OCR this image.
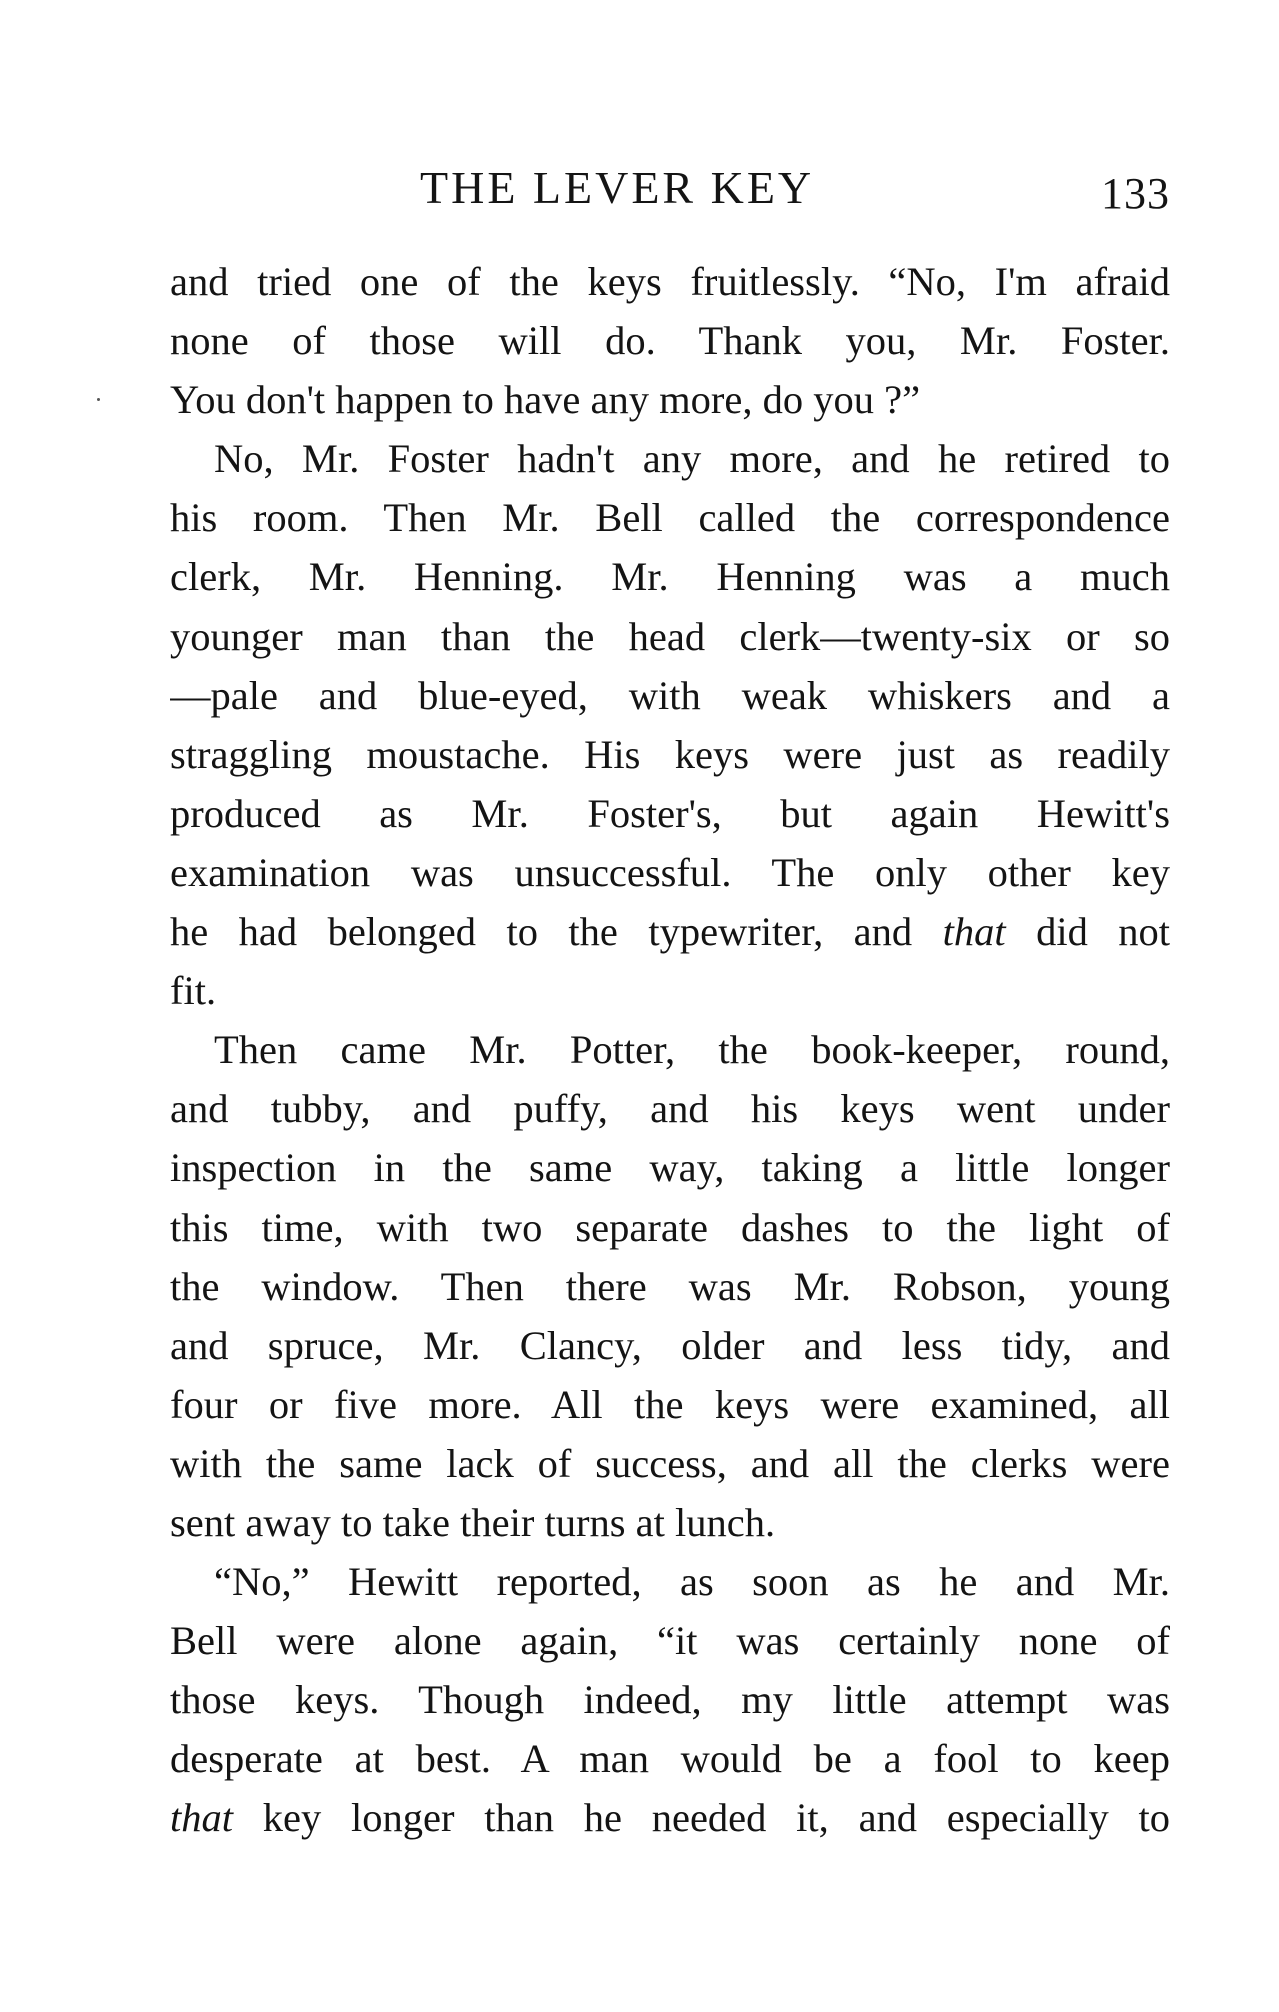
THE LEVER KEY	133
and tried one of the keys fruitlessly. “No, I'm afraid
none of those will do. Thank you, Mr. Foster.
You don't happen to have any more, do you ?”
No, Mr. Foster hadn't any more, and he retired to
his room. Then Mr. Bell called the correspondence
clerk, Mr. Henning. Mr. Henning was a much
younger man than the head clerk—twenty-six or so
—pale and blue-eyed, with weak whiskers and a
straggling moustache. His keys were just as readily
produced as Mr. Foster's, but again Hewitt's
examination was unsuccessful. The only other key
he had belonged to the typewriter, and that did not
fit.
Then came Mr. Potter, the book-keeper, round,
and tubby, and puffy, and his keys went under
inspection in the same way, taking a little longer
this time, with two separate dashes to the light of
the window. Then there was Mr. Robson, young
and spruce, Mr. Clancy, older and less tidy, and
four or five more. All the keys were examined, all
with the same lack of success, and all the clerks were
sent away to take their turns at lunch.
“No,” Hewitt reported, as soon as he and Mr.
Bell were alone again, “it was certainly none of
those keys. Though indeed, my little attempt was
desperate at best. A man would be a fool to keep
that key longer than he needed it, and especially to
